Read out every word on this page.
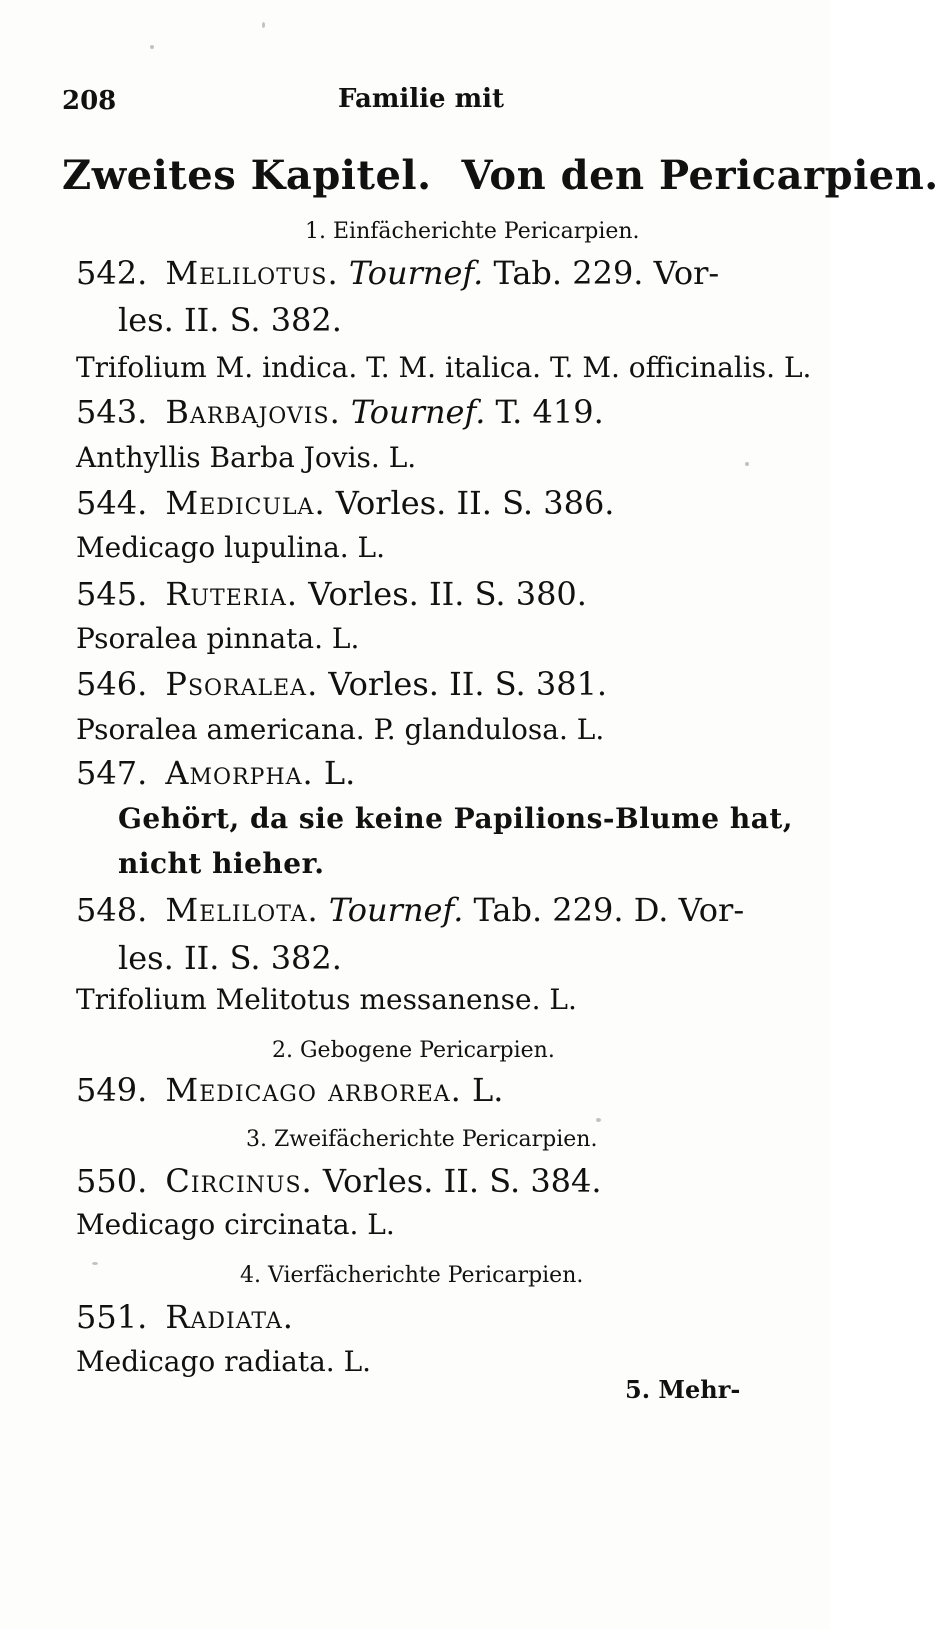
208	Familie mit
Zweites Kapitel. Von den Pericarpien.
1. Einfächerichte Pericarpien.
542. Melilotus. Tournef. Tab. 229. Vor-
les. II. S. 382.
Trifolium M. indica. T. M. italica. T. M. officinalis. L.
543. Barbajovis. Tournef. T. 419.
Anthyllis Barba Jovis. L.
544. Medicula. Vorles. II. S. 386.
Medicago lupulina. L.
545. Ruteria. Vorles. II. S. 380.
Psoralea pinnata. L.
546. Psoralea. Vorles. II. S. 381.
Psoralea americana. P. glandulosa. L.
547. Amorpha. L.
Gehört, da sie keine Papilions-Blume hat,
nicht hieher.
548. Melilota. Tournef. Tab. 229. D. Vor-
les. II. S. 382.
Trifolium Melitotus messanense. L.
2. Gebogene Pericarpien.
549. Medicago arborea. L.
3. Zweifächerichte Pericarpien.
550. Circinus. Vorles. II. S. 384.
Medicago circinata. L.
4. Vierfächerichte Pericarpien.
551. Radiata.
Medicago radiata. L.
5. Mehr-
